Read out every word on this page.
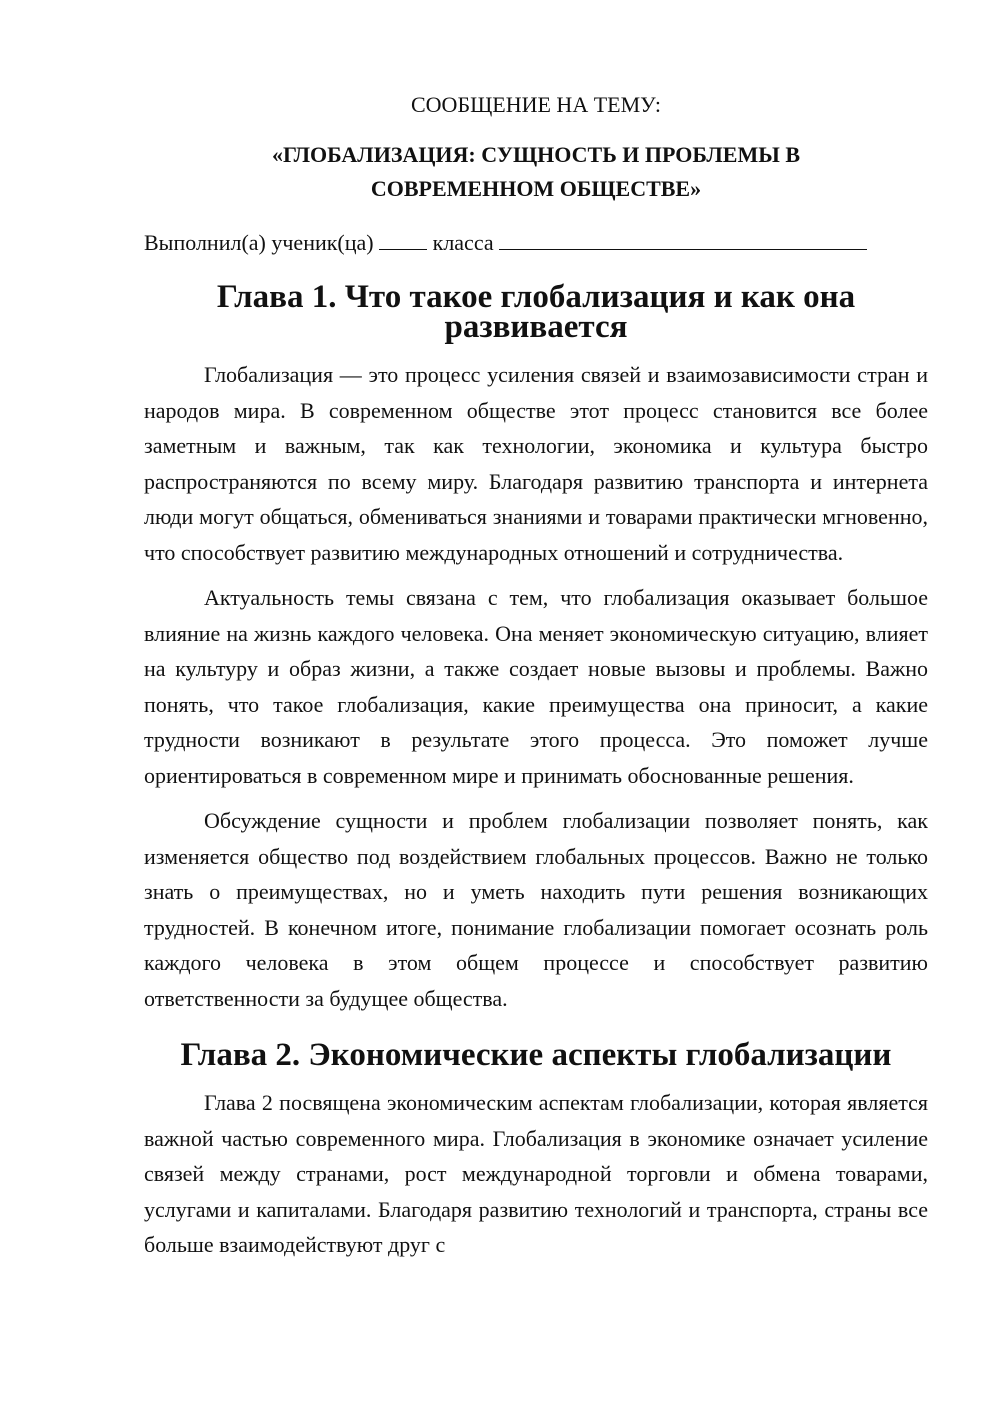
СООБЩЕНИЕ НА ТЕМУ:

«ГЛОБАЛИЗАЦИЯ: СУЩНОСТЬ И ПРОБЛЕМЫ В

СОВРЕМЕННОМ ОБЩЕСТВЕ»

Выполнил(а) ученик(ца)	класса
Глава 1. Что такое глобализация и как она развивается

Глобализация — это процесс усиления связей и взаимозависимости стран и народов мира. В современном обществе этот процесс становится все более заметным и важным, так как технологии, экономика и культура быстро распространяются по всему миру. Благодаря развитию транспорта и интернета люди могут общаться, обмениваться знаниями и товарами практически мгновенно, что способствует развитию международных отношений и сотрудничества.

Актуальность темы связана с тем, что глобализация оказывает большое влияние на жизнь каждого человека. Она меняет экономическую ситуацию, влияет на культуру и образ жизни, а также создает новые вызовы и проблемы. Важно понять, что такое глобализация, какие преимущества она приносит, а какие трудности возникают в результате этого процесса. Это поможет лучше ориентироваться в современном мире и принимать обоснованные решения.

Обсуждение сущности и проблем глобализации позволяет понять, как изменяется общество под воздействием глобальных процессов. Важно не только знать о преимуществах, но и уметь находить пути решения возникающих трудностей. В конечном итоге, понимание глобализации помогает осознать роль каждого человека в этом общем процессе и способствует развитию ответственности за будущее общества.

Глава 2. Экономические аспекты глобализации

Глава 2 посвящена экономическим аспектам глобализации, которая является важной частью современного мира. Глобализация в экономике означает усиление связей между странами, рост международной торговли и обмена товарами, услугами и капиталами. Благодаря развитию технологий и транспорта, страны все больше взаимодействуют друг с
